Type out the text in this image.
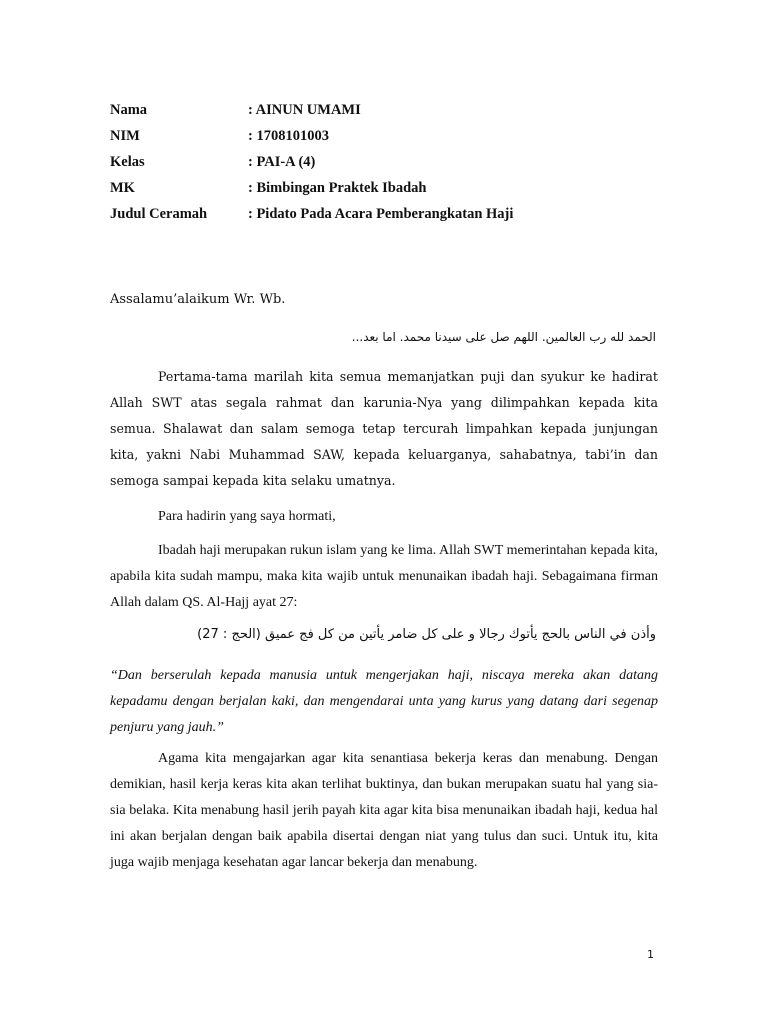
Nama	: AINUN UMAMI
NIM	: 1708101003
Kelas	: PAI-A (4)
MK	: Bimbingan Praktek Ibadah
Judul Ceramah	: Pidato Pada Acara Pemberangkatan Haji
Assalamu’alaikum Wr. Wb.
الحمد لله رب العالمين. اللهم صل على سيدنا محمد. اما بعد...

Pertama-tama marilah kita semua memanjatkan puji dan syukur ke hadirat Allah SWT atas segala rahmat dan karunia-Nya yang dilimpahkan kepada kita semua. Shalawat dan salam semoga tetap tercurah limpahkan kepada junjungan kita, yakni Nabi Muhammad SAW, kepada keluarganya, sahabatnya, tabi’in dan semoga sampai kepada kita selaku umatnya.

Para hadirin yang saya hormati,

Ibadah haji merupakan rukun islam yang ke lima. Allah SWT memerintahan kepada kita, apabila kita sudah mampu, maka kita wajib untuk menunaikan ibadah haji. Sebagaimana firman Allah dalam QS. Al-Hajj ayat 27:

وأذن في الناس بالحج يأتوك رجالا و على كل ضامر يأتين من كل فج عميق (الحج : 27)

“Dan berserulah kepada manusia untuk mengerjakan haji, niscaya mereka akan datang kepadamu dengan berjalan kaki, dan mengendarai unta yang kurus yang datang dari segenap penjuru yang jauh.”

Agama kita mengajarkan agar kita senantiasa bekerja keras dan menabung. Dengan demikian, hasil kerja keras kita akan terlihat buktinya, dan bukan merupakan suatu hal yang sia-sia belaka. Kita menabung hasil jerih payah kita agar kita bisa menunaikan ibadah haji, kedua hal ini akan berjalan dengan baik apabila disertai dengan niat yang tulus dan suci. Untuk itu, kita juga wajib menjaga kesehatan agar lancar bekerja dan menabung.

1
